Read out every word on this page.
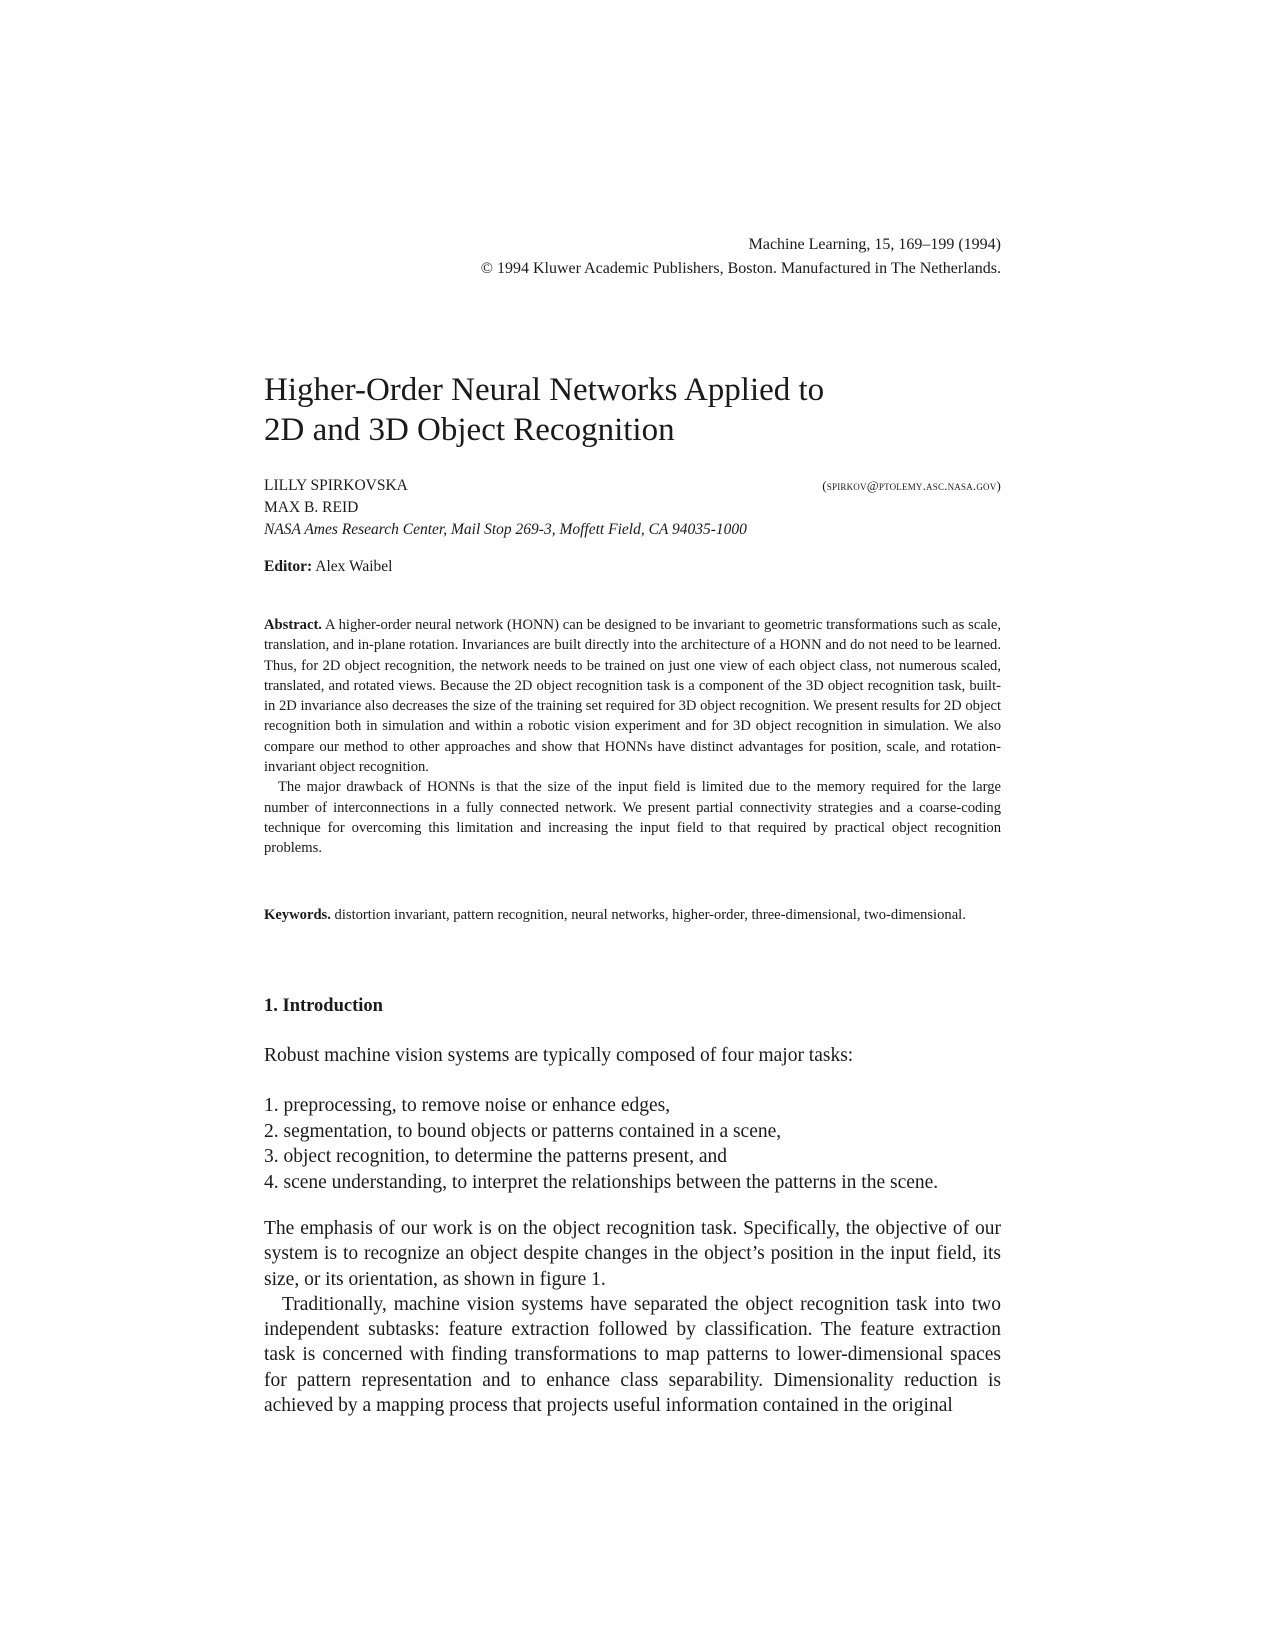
Machine Learning, 15, 169–199 (1994)
© 1994 Kluwer Academic Publishers, Boston. Manufactured in The Netherlands.
Higher-Order Neural Networks Applied to
2D and 3D Object Recognition
LILLY SPIRKOVSKA	(spirkov@ptolemy.asc.nasa.gov)
MAX B. REID
NASA Ames Research Center, Mail Stop 269-3, Moffett Field, CA 94035-1000
Editor: Alex Waibel

Abstract. A higher-order neural network (HONN) can be designed to be invariant to geometric transformations such as scale, translation, and in-plane rotation. Invariances are built directly into the architecture of a HONN and do not need to be learned. Thus, for 2D object recognition, the network needs to be trained on just one view of each object class, not numerous scaled, translated, and rotated views. Because the 2D object recognition task is a component of the 3D object recognition task, built-in 2D invariance also decreases the size of the training set required for 3D object recognition. We present results for 2D object recognition both in simulation and within a robotic vision experiment and for 3D object recognition in simulation. We also compare our method to other approaches and show that HONNs have distinct advantages for position, scale, and rotation-invariant object recognition.

The major drawback of HONNs is that the size of the input field is limited due to the memory required for the large number of interconnections in a fully connected network. We present partial connectivity strategies and a coarse-coding technique for overcoming this limitation and increasing the input field to that required by practical object recognition problems.

Keywords. distortion invariant, pattern recognition, neural networks, higher-order, three-dimensional, two-dimensional.
1. Introduction
Robust machine vision systems are typically composed of four major tasks:
1. preprocessing, to remove noise or enhance edges,
2. segmentation, to bound objects or patterns contained in a scene,
3. object recognition, to determine the patterns present, and
4. scene understanding, to interpret the relationships between the patterns in the scene.

The emphasis of our work is on the object recognition task. Specifically, the objective of our system is to recognize an object despite changes in the object’s position in the input field, its size, or its orientation, as shown in figure 1.

Traditionally, machine vision systems have separated the object recognition task into two independent subtasks: feature extraction followed by classification. The feature extraction task is concerned with finding transformations to map patterns to lower-dimensional spaces for pattern representation and to enhance class separability. Dimensionality reduction is achieved by a mapping process that projects useful information contained in the original
